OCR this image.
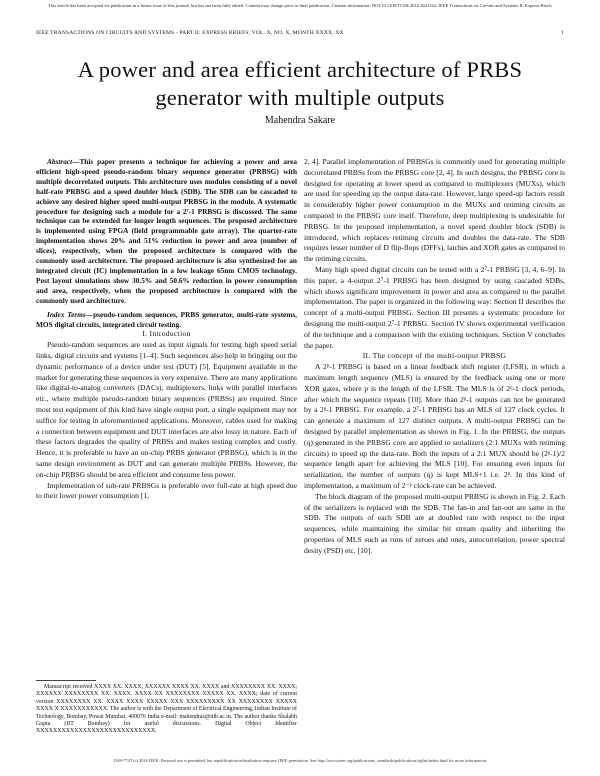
This article has been accepted for publication in a future issue of this journal, but has not been fully edited. Content may change prior to final publication. Citation information: DOI 10.1109/TCSII.2016.2641162, IEEE Transactions on Circuits and Systems II: Express Briefs
IEEE TRANSACTIONS ON CIRCUITS AND SYSTEMS - PART II: EXPRESS BRIEFS, VOL. X, NO. X, MONTH XXXX, XX	1
A power and area efficient architecture of PRBS generator with multiple outputs
Mahendra Sakare

Abstract—This paper presents a technique for achieving a power and area efficient high-speed pseudo-random binary sequence generator (PRBSG) with multiple decorrelated outputs. This architecture uses modules consisting of a novel half-rate PRBSG and a speed doubler block (SDB). The SDB can be cascaded to achieve any desired higher speed multi-output PRBSG in the module. A systematic procedure for designing such a module for a 2⁷-1 PRBSG is discussed. The same technique can be extended for longer length sequences. The proposed architecture is implemented using FPGA (field programmable gate array). The quarter-rate implementation shows 20% and 51% reduction in power and area (number of slices), respectively, when the proposed architecture is compared with the commonly used architecture. The proposed architecture is also synthesized for an integrated circuit (IC) implementation in a low leakage 65nm CMOS technology. Post layout simulations show 30.5% and 50.6% reduction in power consumption and area, respectively, when the proposed architecture is compared with the commonly used architecture.

Index Terms—pseudo-random sequences, PRBS generator, multi-rate systems, MOS digital circuits, integrated circuit testing.

I. Introduction

Pseudo-random sequences are used as input signals for testing high speed serial links, digital circuits and systems [1–4]. Such sequences also help in bringing out the dynamic performance of a device under test (DUT) [5]. Equipment available in the market for generating these sequences is very expensive. There are many applications like digital-to-analog converters (DACs), multiplexers, links with parallel interfaces etc., where multiple pseudo-random binary sequences (PRBSs) are required. Since most test equipment of this kind have single output port, a single equipment may not suffice for testing in aforementioned applications. Moreover, cables used for making a connection between equipment and DUT interfaces are also lossy in nature. Each of these factors degrades the quality of PRBSs and makes testing complex and costly. Hence, it is preferable to have an on-chip PRBS generator (PRBSG), which is in the same design environment as DUT and can generate multiple PRBSs. However, the on-chip PRBSG should be area efficient and consume less power.

Implementation of sub-rate PRBSGs is preferable over full-rate at high speed due to their lower power consumption [1,

Manuscript received XXXX XX. XXXX; XXXXXX XXXX XX. XXXX and XXXXXXXX XX. XXXX; XXXXXX XXXXXXXX XX. XXXX. XXXX XX XXXXXXXX XXXXX XX. XXXX; date of current version XXXXXXXX XX. XXXX XXXX XXXXX XXX XXXXXXXXX XX XXXXXXXX XXXXX XXXX X XXXXXXXXXXX. The author is with the Department of Electrical Engineering, Indian Institute of Technology, Bombay, Powai Mumbai, 400076 India e-mail: mahendras@iitb.ac.in. The author thanks Shalabh Gupta (IIT Bombay) for useful discussions. Digital Object Identifier XXXXXXXXXXXXXXXXXXXXXXXXXXXX.

2, 4]. Parallel implementation of PRBSGs is commonly used for generating multiple decorrelated PRBSs from the PRBSG core [2, 4]. In such designs, the PRBSG core is designed for operating at lower speed as compared to multiplexers (MUXs), which are used for speeding up the output data-rate. However, large speed-up factors result in considerably higher power consumption in the MUXs and retiming circuits as compared to the PRBSG core itself. Therefore, deep multiplexing is undesirable for PRBSG. In the proposed implementation, a novel speed doubler block (SDB) is introduced, which replaces retiming circuits and doubles the data-rate. The SDB requires lesser number of D flip-flops (DFFs), latches and XOR gates as compared to the retiming circuits.

Many high speed digital circuits can be tested with a 2⁷-1 PRBSG [3, 4, 6–9]. In this paper, a 4-output 2⁷-1 PRBSG has been designed by using cascaded SDBs, which shows significant improvement in power and area as compared to the parallel implementation. The paper is organized in the following way: Section II describes the concept of a multi-output PRBSG. Section III presents a systematic procedure for designing the multi-output 2⁷-1 PRBSG. Section IV shows experimental verification of the technique and a comparison with the existing techniques. Section V concludes the paper.

II. The concept of the multi-output PRBSG

A 2ᵖ-1 PRBSG is based on a linear feedback shift register (LFSR), in which a maximum length sequence (MLS) is ensured by the feedback using one or more XOR gates, where p is the length of the LFSR. The MLS is of 2ᵖ-1 clock periods, after which the sequence repeats [10]. More than 2ᵖ-1 outputs can not be generated by a 2ᵖ-1 PRBSG. For example, a 2⁷-1 PRBSG has an MLS of 127 clock cycles. It can generate a maximum of 127 distinct outputs. A multi-output PRBSG can be designed by parallel implementation as shown in Fig. 1. In the PRBSG, the outputs (q) generated in the PRBSG core are applied to serializers (2:1 MUXs with retiming circuits) to speed up the data-rate. Both the inputs of a 2:1 MUX should be (2ᵖ-1)/2 sequence length apart for achieving the MLS [10]. For ensuring even inputs for serialization, the number of outputs (q) is kept MLS+1 i.e. 2ᵖ. In this kind of implementation, a maximum of 2⁻ᵖ clock-rate can be achieved.

The block diagram of the proposed multi-output PRBSG is shown in Fig. 2. Each of the serializers is replaced with the SDB. The fan-in and fan-out are same in the SDB. The outputs of each SDB are at doubled rate with respect to the input sequences, while maintaining the similar bit stream quality and inheriting the properties of MLS such as runs of zeroes and ones, autocorrelation, power spectral desity (PSD) etc. [10].

1549-7747 (c) 2016 IEEE. Personal use is permitted, but republication/redistribution requires IEEE permission. See http://www.ieee.org/publications_standards/publications/rights/index.html for more information.
